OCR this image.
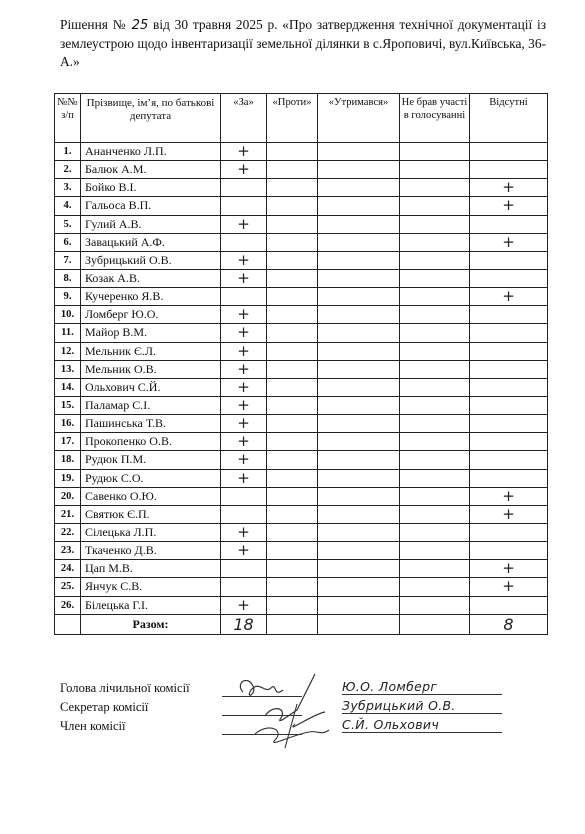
Рішення № 25 від 30 травня 2025 р. «Про затвердження технічної документації із землеустрою щодо інвентаризації земельної ділянки в с.Яроповичі, вул.Київська, 36-А.»
№№ з/п	Прізвище, ім’я, по батькові депутата	«За»	«Проти»	«Утримався»	Не брав участі в голосуванні	Відсутні
1.	Ананченко Л.П.	+				
2.	Балюк А.М.	+				
3.	Бойко В.І.					+
4.	Гальоса В.П.					+
5.	Гулий А.В.	+				
6.	Завацький А.Ф.					+
7.	Зубрицький О.В.	+				
8.	Козак А.В.	+				
9.	Кучеренко Я.В.					+
10.	Ломберг Ю.О.	+				
11.	Майор В.М.	+				
12.	Мельник Є.Л.	+				
13.	Мельник О.В.	+				
14.	Ольхович С.Й.	+				
15.	Паламар С.І.	+				
16.	Пашинська Т.В.	+				
17.	Прокопенко О.В.	+				
18.	Рудюк П.М.	+				
19.	Рудюк С.О.	+				
20.	Савенко О.Ю.					+
21.	Святюк Є.П.					+
22.	Сілецька Л.П.	+				
23.	Ткаченко Д.В.	+				
24.	Цап М.В.					+
25.	Янчук С.В.					+
26.	Білецька Г.І.	+				
	Разом:	18				8
Голова лічильної комісії	Ю.О. Ломберг
Секретар комісії	Зубрицький О.В.
Член комісії	С.Й. Ольхович
